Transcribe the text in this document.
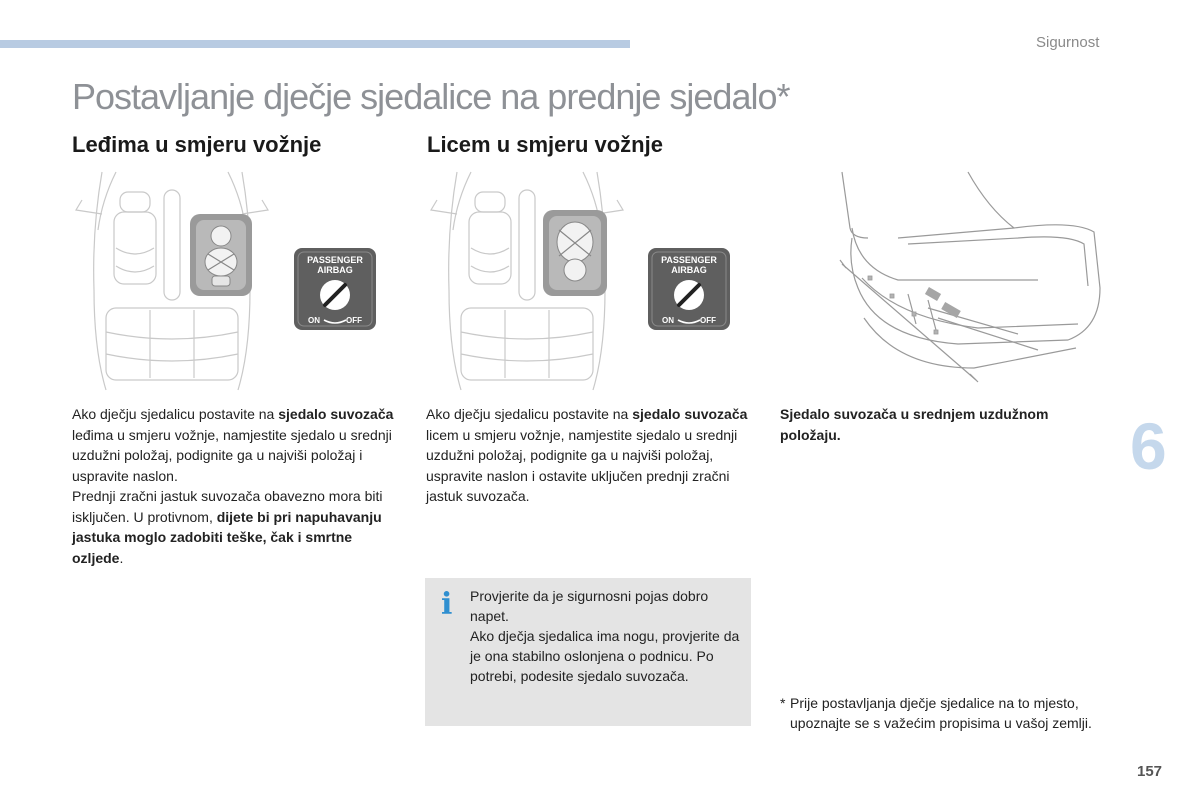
Sigurnost
Postavljanje dječje sjedalice na prednje sjedalo*
Leđima u smjeru vožnje	Licem u smjeru vožnje
PASSENGER
AIRBAG
ON	OFF
PASSENGER
AIRBAG
ON	OFF

Ako dječju sjedalicu postavite na sjedalo suvozača leđima u smjeru vožnje, namjestite sjedalo u srednji uzdužni položaj, podignite ga u najviši položaj i uspravite naslon.

Prednji zračni jastuk suvozača obavezno mora biti isključen. U protivnom, dijete bi pri napuhavanju jastuka moglo zadobiti teške, čak i smrtne ozljede.

Ako dječju sjedalicu postavite na sjedalo suvozača licem u smjeru vožnje, namjestite sjedalo u srednji uzdužni položaj, podignite ga u najviši položaj, uspravite naslon i ostavite uključen prednji zračni jastuk suvozača.

Sjedalo suvozača u srednjem uzdužnom položaju.
i Provjerite da je sigurnosni pojas dobro napet.

Ako dječja sjedalica ima nogu, provjerite da je ona stabilno oslonjena o podnicu. Po potrebi, podesite sjedalo suvozača.

* Prije postavljanja dječje sjedalice na to mjesto, upoznajte se s važećim propisima u vašoj zemlji.
6
157
